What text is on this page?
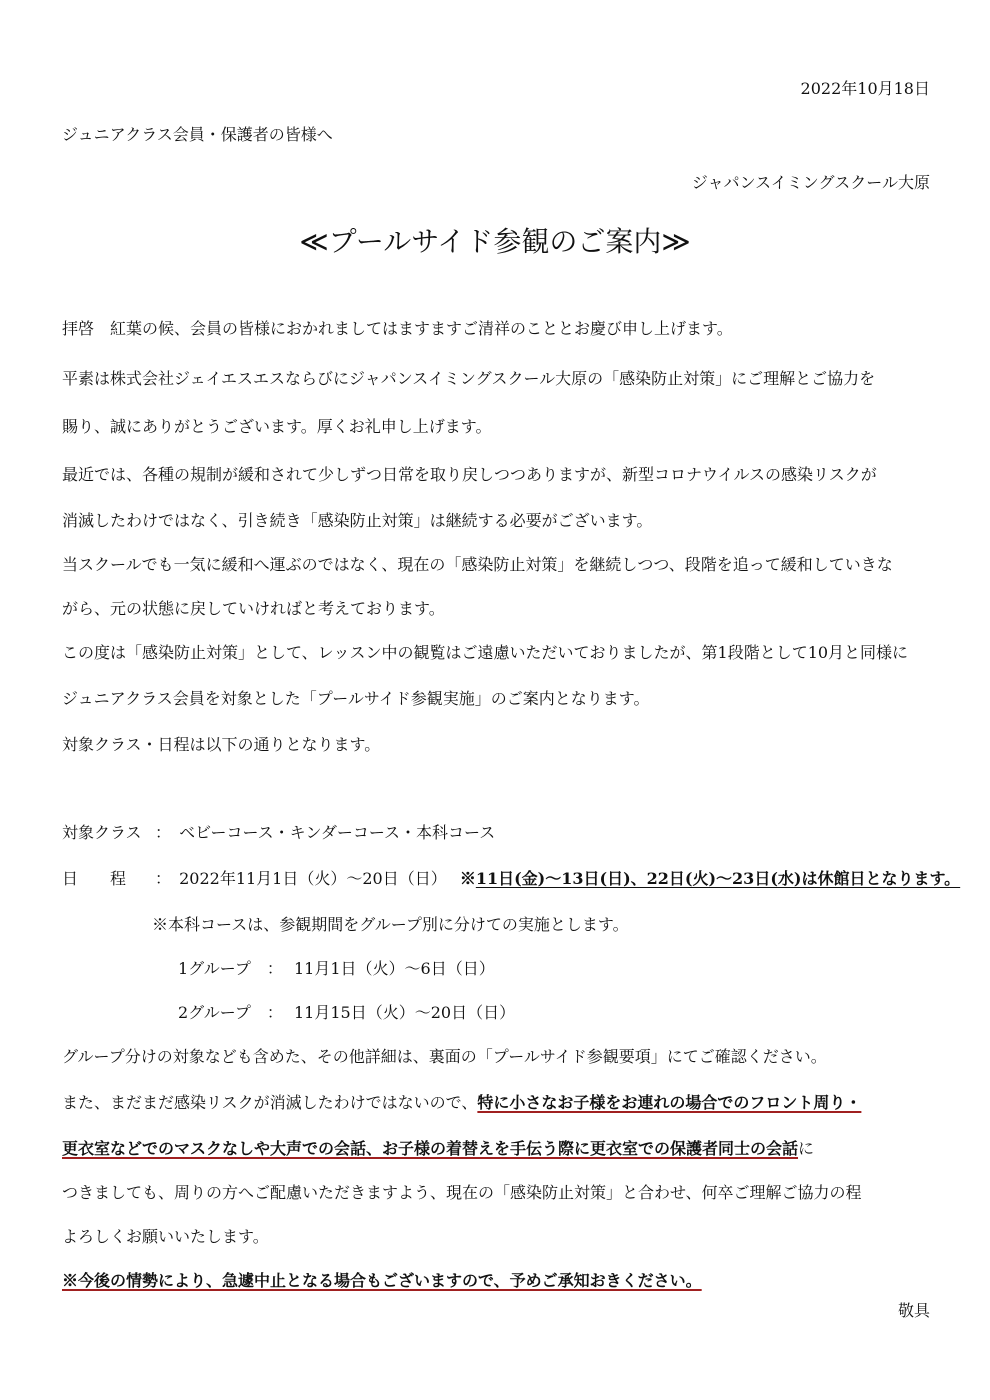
2022年10月18日
ジュニアクラス会員・保護者の皆様へ
ジャパンスイミングスクール大原
≪プールサイド参観のご案内≫
拝啓　紅葉の候、会員の皆様におかれましてはますますご清祥のこととお慶び申し上げます。
平素は株式会社ジェイエスエスならびにジャパンスイミングスクール大原の「感染防止対策」にご理解とご協力を
賜り、誠にありがとうございます。厚くお礼申し上げます。
最近では、各種の規制が緩和されて少しずつ日常を取り戻しつつありますが、新型コロナウイルスの感染リスクが
消滅したわけではなく、引き続き「感染防止対策」は継続する必要がございます。
当スクールでも一気に緩和へ運ぶのではなく、現在の「感染防止対策」を継続しつつ、段階を追って緩和していきな
がら、元の状態に戻していければと考えております。
この度は「感染防止対策」として、レッスン中の観覧はご遠慮いただいておりましたが、第1段階として10月と同様に
ジュニアクラス会員を対象とした「プールサイド参観実施」のご案内となります。
対象クラス・日程は以下の通りとなります。
対象クラス ： ベビーコース・キンダーコース・本科コース
日　　程 ： 2022年11月1日（火）～20日（日） ※11日(金)～13日(日)、22日(火)～23日(水)は休館日となります。
※本科コースは、参観期間をグループ別に分けての実施とします。
1グループ　： 11月1日（火）～6日（日）
2グループ　： 11月15日（火）～20日（日）
グループ分けの対象なども含めた、その他詳細は、裏面の「プールサイド参観要項」にてご確認ください。
また、まだまだ感染リスクが消滅したわけではないので、特に小さなお子様をお連れの場合でのフロント周り・
更衣室などでのマスクなしや大声での会話、お子様の着替えを手伝う際に更衣室での保護者同士の会話に
つきましても、周りの方へご配慮いただきますよう、現在の「感染防止対策」と合わせ、何卒ご理解ご協力の程
よろしくお願いいたします。
※今後の情勢により、急遽中止となる場合もございますので、予めご承知おきください。
敬具
